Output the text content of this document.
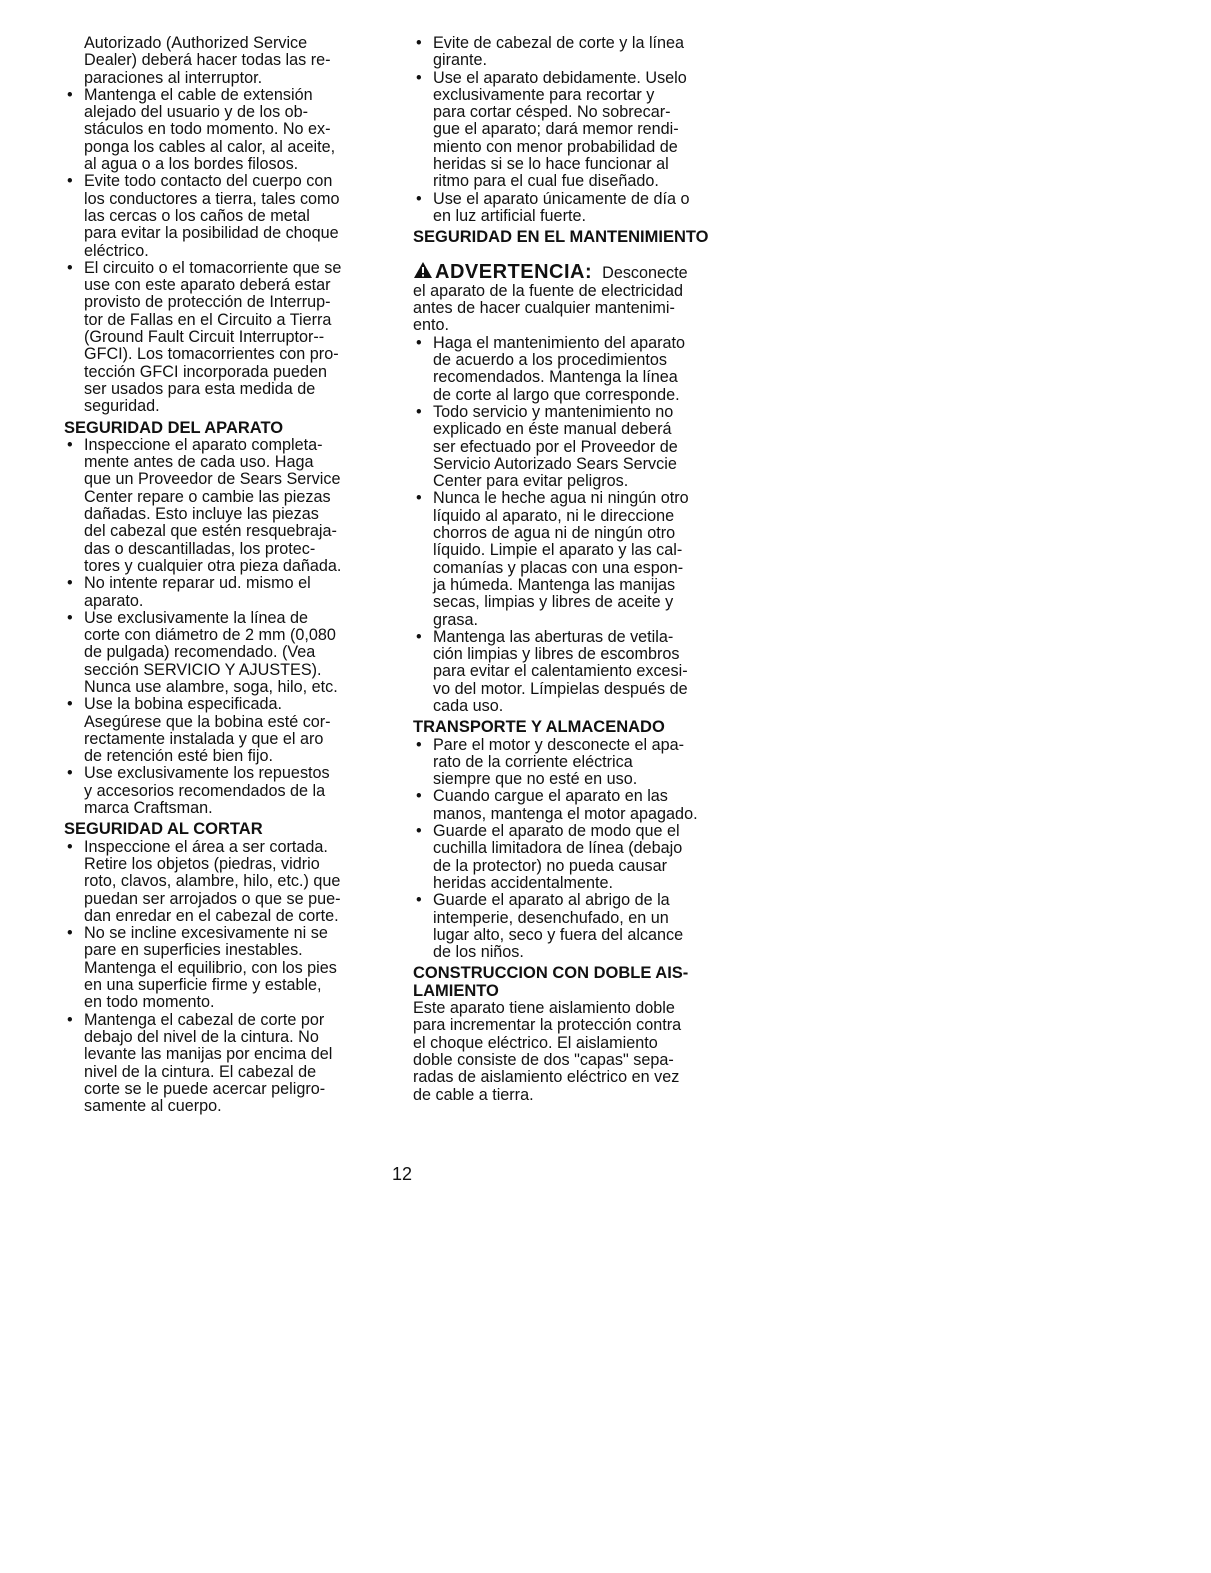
Autorizado (Authorized Service
Dealer) deberá hacer todas las re-
paraciones al interruptor.
• Mantenga el cable de extensión
alejado del usuario y de los ob-
stáculos en todo momento. No ex-
ponga los cables al calor, al aceite,
al agua o a los bordes filosos.
• Evite todo contacto del cuerpo con
los conductores a tierra, tales como
las cercas o los caños de metal
para evitar la posibilidad de choque
eléctrico.
• El circuito o el tomacorriente que se
use con este aparato deberá estar
provisto de protección de Interrup-
tor de Fallas en el Circuito a Tierra
(Ground Fault Circuit Interruptor--
GFCI). Los tomacorrientes con pro-
tección GFCI incorporada pueden
ser usados para esta medida de
seguridad.
SEGURIDAD DEL APARATO
• Inspeccione el aparato completa-
mente antes de cada uso. Haga
que un Proveedor de Sears Service
Center repare o cambie las piezas
dañadas. Esto incluye las piezas
del cabezal que estén resquebraja-
das o descantilladas, los protec-
tores y cualquier otra pieza dañada.
• No intente reparar ud. mismo el
aparato.
• Use exclusivamente la línea de
corte con diámetro de 2 mm (0,080
de pulgada) recomendado. (Vea
sección SERVICIO Y AJUSTES).
Nunca use alambre, soga, hilo, etc.
• Use la bobina especificada.
Asegúrese que la bobina esté cor-
rectamente instalada y que el aro
de retención esté bien fijo.
• Use exclusivamente los repuestos
y accesorios recomendados de la
marca Craftsman.
SEGURIDAD AL CORTAR
• Inspeccione el área a ser cortada.
Retire los objetos (piedras, vidrio
roto, clavos, alambre, hilo, etc.) que
puedan ser arrojados o que se pue-
dan enredar en el cabezal de corte.
• No se incline excesivamente ni se
pare en superficies inestables.
Mantenga el equilibrio, con los pies
en una superficie firme y estable,
en todo momento.
• Mantenga el cabezal de corte por
debajo del nivel de la cintura. No
levante las manijas por encima del
nivel de la cintura. El cabezal de
corte se le puede acercar peligro-
samente al cuerpo.
• Evite de cabezal de corte y la línea
girante.
• Use el aparato debidamente. Uselo
exclusivamente para recortar y
para cortar césped. No sobrecar-
gue el aparato; dará memor rendi-
miento con menor probabilidad de
heridas si se lo hace funcionar al
ritmo para el cual fue diseñado.
• Use el aparato únicamente de día o
en luz artificial fuerte.
SEGURIDAD EN EL MANTENIMIENTO
ADVERTENCIA: Desconecte
el aparato de la fuente de electricidad
antes de hacer cualquier mantenimi-
ento.
• Haga el mantenimiento del aparato
de acuerdo a los procedimientos
recomendados. Mantenga la línea
de corte al largo que corresponde.
• Todo servicio y mantenimiento no
explicado en éste manual deberá
ser efectuado por el Proveedor de
Servicio Autorizado Sears Servcie
Center para evitar peligros.
• Nunca le heche agua ni ningún otro
líquido al aparato, ni le direccione
chorros de agua ni de ningún otro
líquido. Limpie el aparato y las cal-
comanías y placas con una espon-
ja húmeda. Mantenga las manijas
secas, limpias y libres de aceite y
grasa.
• Mantenga las aberturas de vetila-
ción limpias y libres de escombros
para evitar el calentamiento excesi-
vo del motor. Límpielas después de
cada uso.
TRANSPORTE Y ALMACENADO
• Pare el motor y desconecte el apa-
rato de la corriente eléctrica
siempre que no esté en uso.
• Cuando cargue el aparato en las
manos, mantenga el motor apagado.
• Guarde el aparato de modo que el
cuchilla limitadora de línea (debajo
de la protector) no pueda causar
heridas accidentalmente.
• Guarde el aparato al abrigo de la
intemperie, desenchufado, en un
lugar alto, seco y fuera del alcance
de los niños.
CONSTRUCCION CON DOBLE AIS-
LAMIENTO
Este aparato tiene aislamiento doble
para incrementar la protección contra
el choque eléctrico. El aislamiento
doble consiste de dos "capas" sepa-
radas de aislamiento eléctrico en vez
de cable a tierra.
12
